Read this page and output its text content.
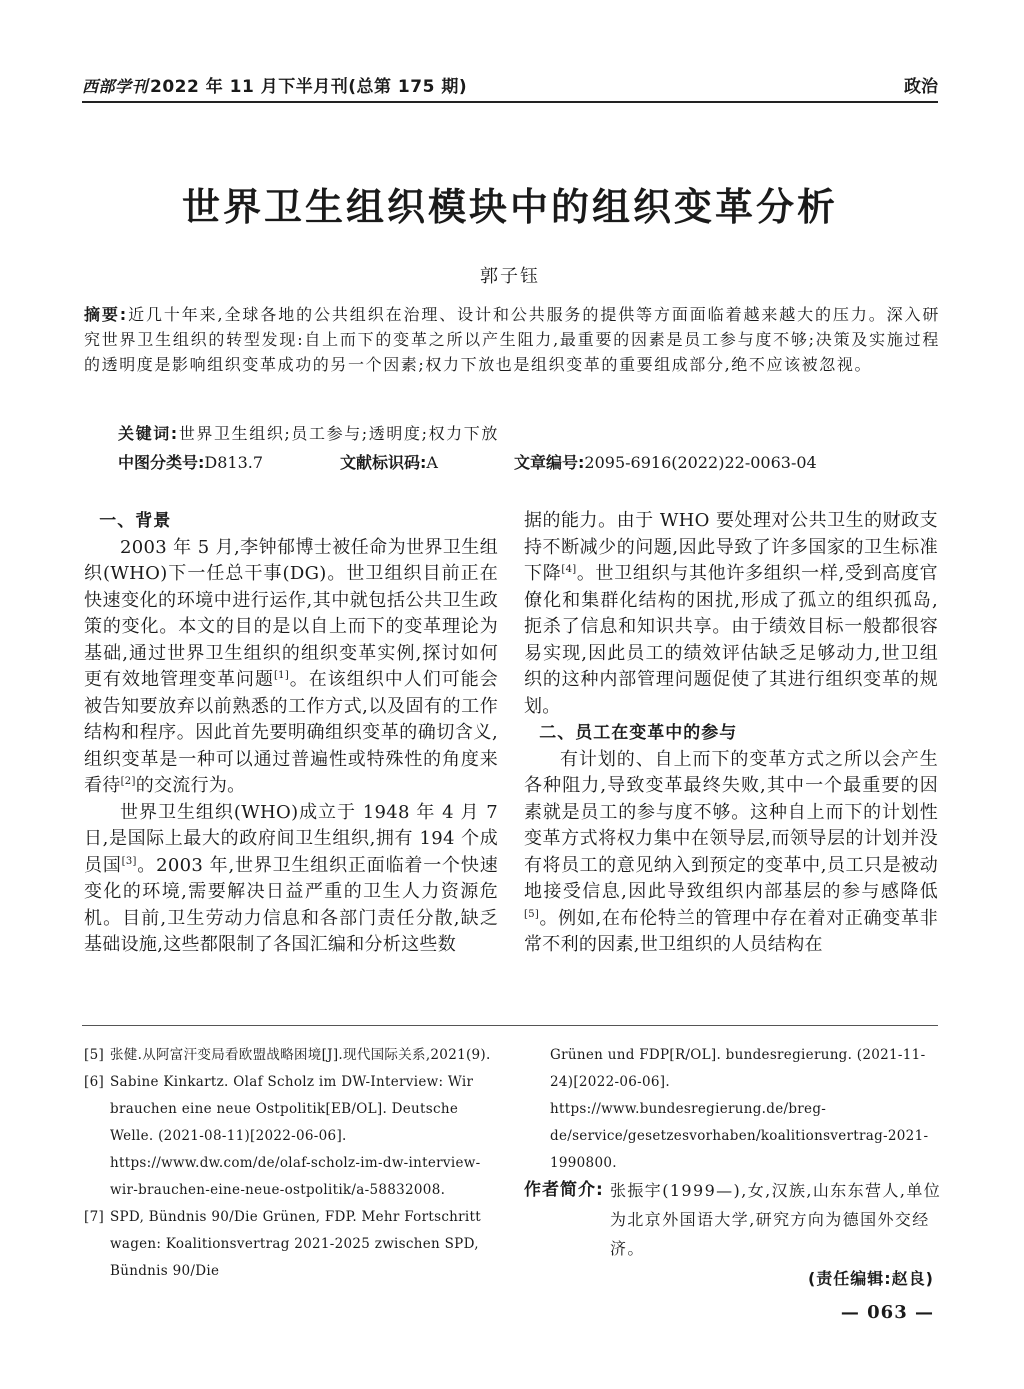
西部学刊 2022 年 11 月下半月刊(总第 175 期)	政治
世界卫生组织模块中的组织变革分析
郭子钰
摘要:近几十年来,全球各地的公共组织在治理、设计和公共服务的提供等方面面临着越来越大的压力。深入研究世界卫生组织的转型发现:自上而下的变革之所以产生阻力,最重要的因素是员工参与度不够;决策及实施过程的透明度是影响组织变革成功的另一个因素;权力下放也是组织变革的重要组成部分,绝不应该被忽视。
关键词:世界卫生组织;员工参与;透明度;权力下放
中图分类号:D813.7	文献标识码:A	文章编号:2095-6916(2022)22-0063-04
一、背景

2003 年 5 月,李钟郁博士被任命为世界卫生组织(WHO)下一任总干事(DG)。世卫组织目前正在快速变化的环境中进行运作,其中就包括公共卫生政策的变化。本文的目的是以自上而下的变革理论为基础,通过世界卫生组织的组织变革实例,探讨如何更有效地管理变革问题[1]。在该组织中人们可能会被告知要放弃以前熟悉的工作方式,以及固有的工作结构和程序。因此首先要明确组织变革的确切含义,组织变革是一种可以通过普遍性或特殊性的角度来看待[2]的交流行为。

世界卫生组织(WHO)成立于 1948 年 4 月 7 日,是国际上最大的政府间卫生组织,拥有 194 个成员国[3]。2003 年,世界卫生组织正面临着一个快速变化的环境,需要解决日益严重的卫生人力资源危机。目前,卫生劳动力信息和各部门责任分散,缺乏基础设施,这些都限制了各国汇编和分析这些数

据的能力。由于 WHO 要处理对公共卫生的财政支持不断减少的问题,因此导致了许多国家的卫生标准下降[4]。世卫组织与其他许多组织一样,受到高度官僚化和集群化结构的困扰,形成了孤立的组织孤岛,扼杀了信息和知识共享。由于绩效目标一般都很容易实现,因此员工的绩效评估缺乏足够动力,世卫组织的这种内部管理问题促使了其进行组织变革的规划。

二、员工在变革中的参与

有计划的、自上而下的变革方式之所以会产生各种阻力,导致变革最终失败,其中一个最重要的因素就是员工的参与度不够。这种自上而下的计划性变革方式将权力集中在领导层,而领导层的计划并没有将员工的意见纳入到预定的变革中,员工只是被动地接受信息,因此导致组织内部基层的参与感降低[5]。例如,在布伦特兰的管理中存在着对正确变革非常不利的因素,世卫组织的人员结构在

[5] 张健.从阿富汗变局看欧盟战略困境[J].现代国际关系,2021(9).
[6] Sabine Kinkartz. Olaf Scholz im DW-Interview: Wir brauchen eine neue Ostpolitik[EB/OL]. Deutsche Welle. (2021-08-11)[2022-06-06].
https://www.dw.com/de/olaf-scholz-im-dw-interview-wir-brauchen-eine-neue-ostpolitik/a-58832008.
[7] SPD, Bündnis 90/Die Grünen, FDP. Mehr Fortschritt wagen: Koalitionsvertrag 2021-2025 zwischen SPD, Bündnis 90/Die
Grünen und FDP[R/OL]. bundesregierung. (2021-11-24)[2022-06-06].
https://www.bundesregierung.de/breg-de/service/gesetzesvorhaben/koalitionsvertrag-2021-1990800.
作者简介: 张振宇(1999—),女,汉族,山东东营人,单位为北京外国语大学,研究方向为德国外交经济。
(责任编辑:赵良)
— 063 —
